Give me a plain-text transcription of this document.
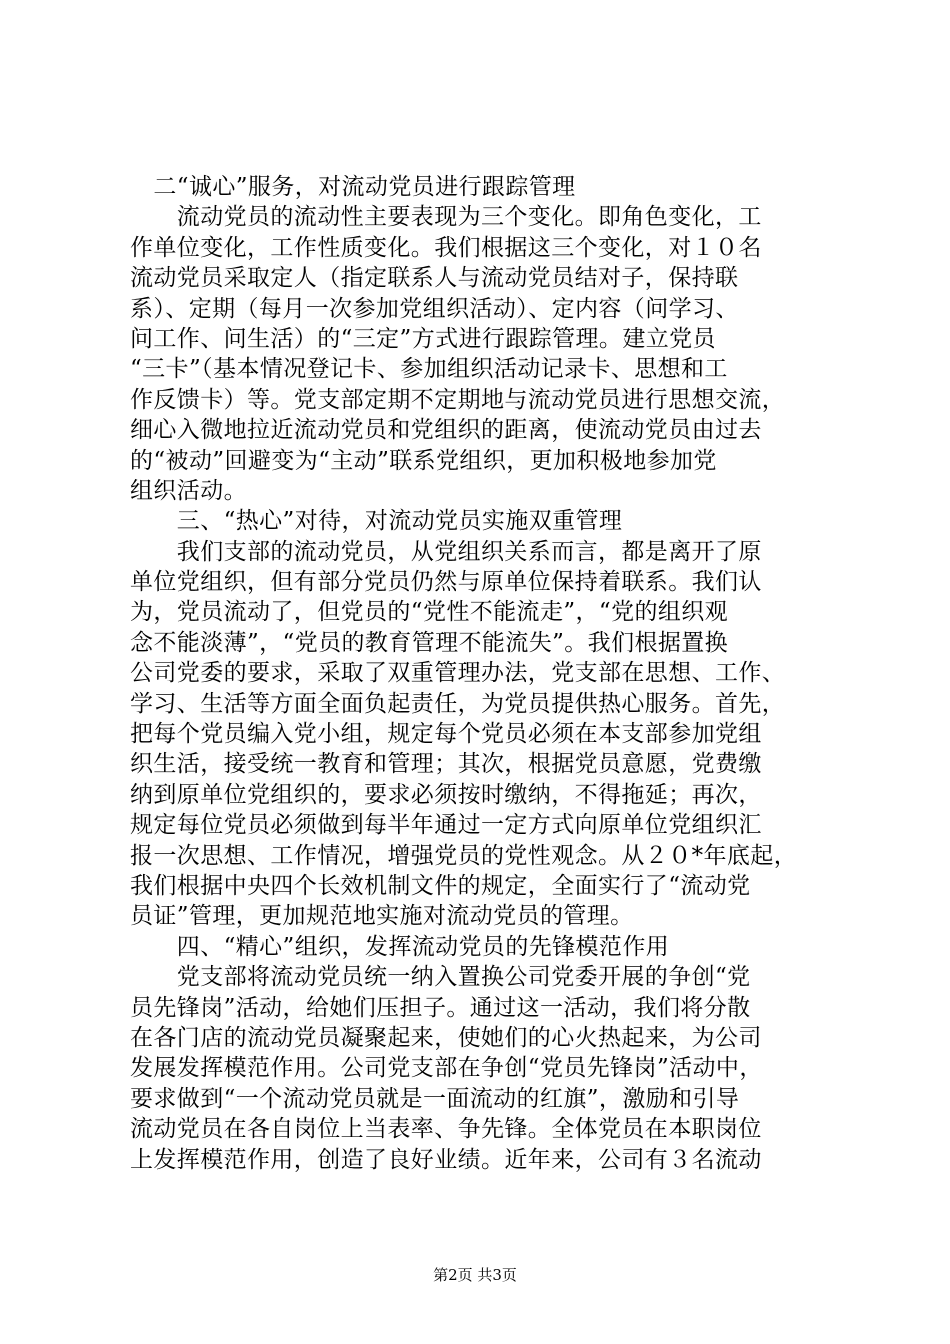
　二“诚心”服务，对流动党员进行跟踪管理
　　流动党员的流动性主要表现为三个变化。即角色变化，工
作单位变化，工作性质变化。我们根据这三个变化，对１０名
流动党员采取定人（指定联系人与流动党员结对子，保持联
系）、定期（每月一次参加党组织活动）、定内容（问学习、
问工作、问生活）的“三定”方式进行跟踪管理。建立党员
“三卡”（基本情况登记卡、参加组织活动记录卡、思想和工
作反馈卡）等。党支部定期不定期地与流动党员进行思想交流，
细心入微地拉近流动党员和党组织的距离，使流动党员由过去
的“被动”回避变为“主动”联系党组织，更加积极地参加党
组织活动。
　　三、“热心”对待，对流动党员实施双重管理
　　我们支部的流动党员，从党组织关系而言，都是离开了原
单位党组织，但有部分党员仍然与原单位保持着联系。我们认
为，党员流动了，但党员的“党性不能流走”，“党的组织观
念不能淡薄”，“党员的教育管理不能流失”。我们根据置换
公司党委的要求，采取了双重管理办法，党支部在思想、工作、
学习、生活等方面全面负起责任，为党员提供热心服务。首先，
把每个党员编入党小组，规定每个党员必须在本支部参加党组
织生活，接受统一教育和管理；其次，根据党员意愿，党费缴
纳到原单位党组织的，要求必须按时缴纳，不得拖延；再次，
规定每位党员必须做到每半年通过一定方式向原单位党组织汇
报一次思想、工作情况，增强党员的党性观念。从２０*年底起，
我们根据中央四个长效机制文件的规定，全面实行了“流动党
员证”管理，更加规范地实施对流动党员的管理。
　　四、“精心”组织，发挥流动党员的先锋模范作用
　　党支部将流动党员统一纳入置换公司党委开展的争创“党
员先锋岗”活动，给她们压担子。通过这一活动，我们将分散
在各门店的流动党员凝聚起来，使她们的心火热起来，为公司
发展发挥模范作用。公司党支部在争创“党员先锋岗”活动中，
要求做到“一个流动党员就是一面流动的红旗”，激励和引导
流动党员在各自岗位上当表率、争先锋。全体党员在本职岗位
上发挥模范作用，创造了良好业绩。近年来，公司有３名流动
第2页 共3页
